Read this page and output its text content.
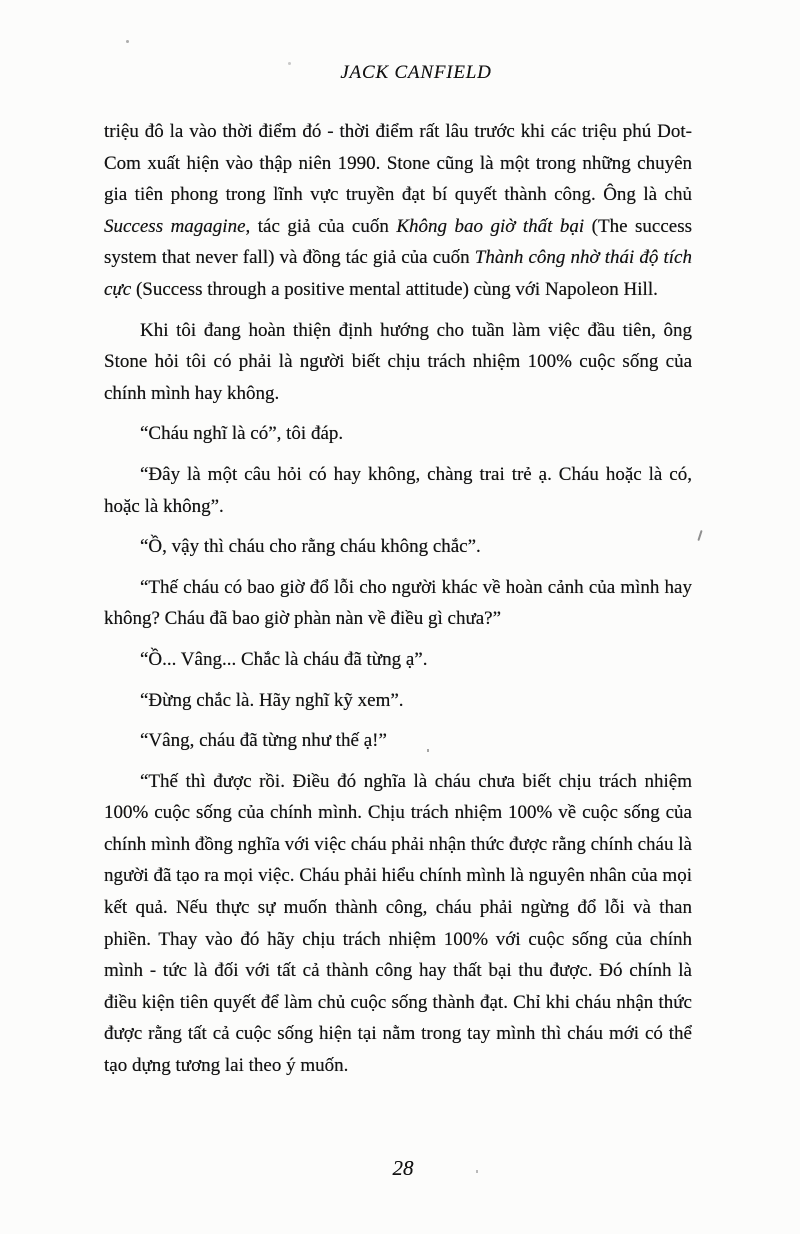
JACK CANFIELD

triệu đô la vào thời điểm đó - thời điểm rất lâu trước khi các triệu phú Dot-Com xuất hiện vào thập niên 1990. Stone cũng là một trong những chuyên gia tiên phong trong lĩnh vực truyền đạt bí quyết thành công. Ông là chủ Success magagine, tác giả của cuốn Không bao giờ thất bại (The success system that never fall) và đồng tác giả của cuốn Thành công nhờ thái độ tích cực (Success through a positive mental attitude) cùng với Napoleon Hill.

Khi tôi đang hoàn thiện định hướng cho tuần làm việc đầu tiên, ông Stone hỏi tôi có phải là người biết chịu trách nhiệm 100% cuộc sống của chính mình hay không.

“Cháu nghĩ là có”, tôi đáp.

“Đây là một câu hỏi có hay không, chàng trai trẻ ạ. Cháu hoặc là có, hoặc là không”.

“Ồ, vậy thì cháu cho rằng cháu không chắc”.

“Thế cháu có bao giờ đổ lỗi cho người khác về hoàn cảnh của mình hay không? Cháu đã bao giờ phàn nàn về điều gì chưa?”

“Ồ... Vâng... Chắc là cháu đã từng ạ”.

“Đừng chắc là. Hãy nghĩ kỹ xem”.

“Vâng, cháu đã từng như thế ạ!”

“Thế thì được rồi. Điều đó nghĩa là cháu chưa biết chịu trách nhiệm 100% cuộc sống của chính mình. Chịu trách nhiệm 100% về cuộc sống của chính mình đồng nghĩa với việc cháu phải nhận thức được rằng chính cháu là người đã tạo ra mọi việc. Cháu phải hiểu chính mình là nguyên nhân của mọi kết quả. Nếu thực sự muốn thành công, cháu phải ngừng đổ lỗi và than phiền. Thay vào đó hãy chịu trách nhiệm 100% với cuộc sống của chính mình - tức là đối với tất cả thành công hay thất bại thu được. Đó chính là điều kiện tiên quyết để làm chủ cuộc sống thành đạt. Chỉ khi cháu nhận thức được rằng tất cả cuộc sống hiện tại nằm trong tay mình thì cháu mới có thể tạo dựng tương lai theo ý muốn.

28
